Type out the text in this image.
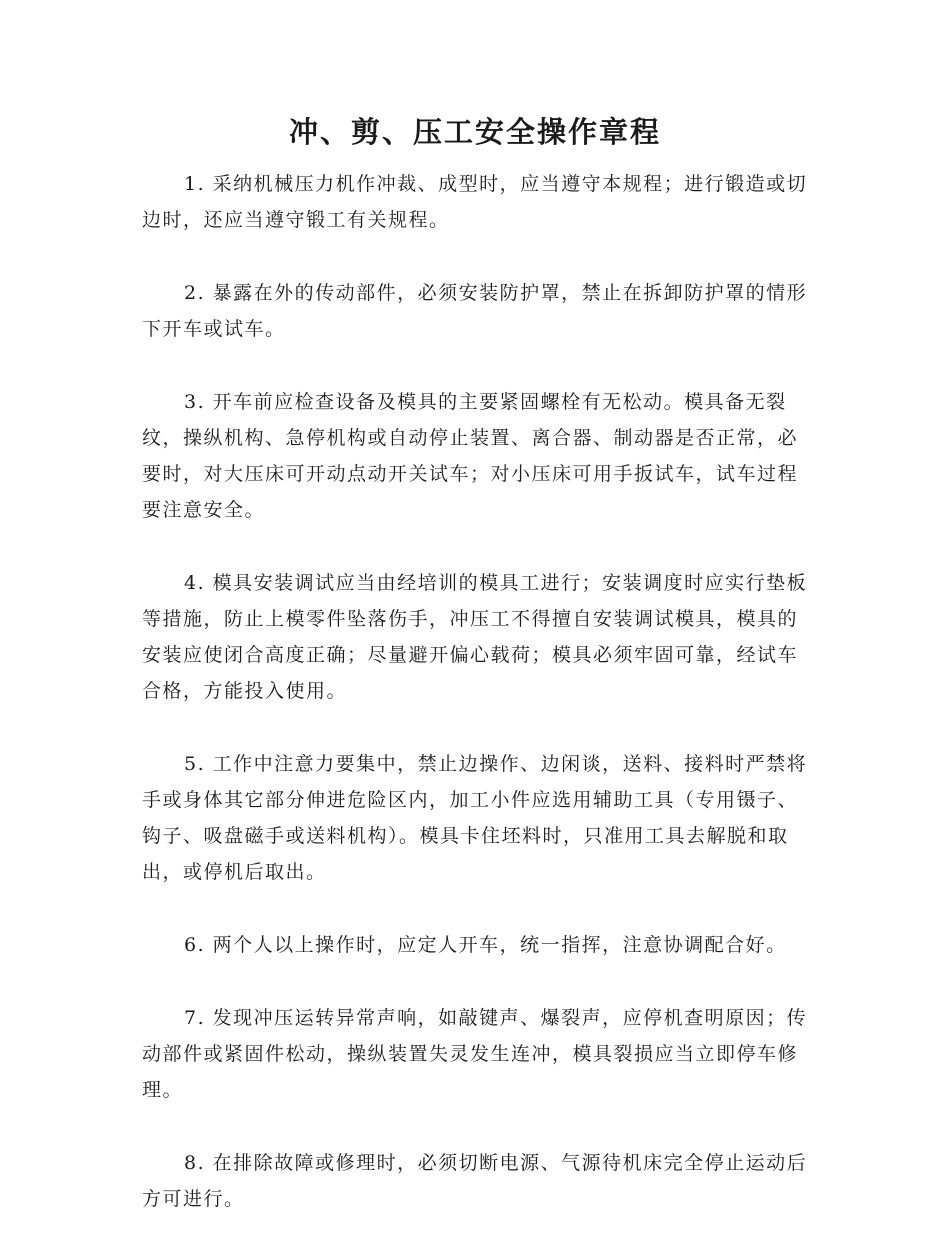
冲、剪、压工安全操作章程

1. 采纳机械压力机作冲裁、成型时，应当遵守本规程；进行锻造或切边时，还应当遵守锻工有关规程。

2. 暴露在外的传动部件，必须安装防护罩，禁止在拆卸防护罩的情形下开车或试车。

3. 开车前应检查设备及模具的主要紧固螺栓有无松动。模具备无裂纹，操纵机构、急停机构或自动停止装置、离合器、制动器是否正常，必要时，对大压床可开动点动开关试车；对小压床可用手扳试车，试车过程要注意安全。

4. 模具安装调试应当由经培训的模具工进行；安装调度时应实行垫板等措施，防止上模零件坠落伤手，冲压工不得擅自安装调试模具，模具的安装应使闭合高度正确；尽量避开偏心载荷；模具必须牢固可靠，经试车合格，方能投入使用。

5. 工作中注意力要集中，禁止边操作、边闲谈，送料、接料时严禁将手或身体其它部分伸进危险区内，加工小件应选用辅助工具（专用镊子、钩子、吸盘磁手或送料机构）。模具卡住坯料时，只准用工具去解脱和取出，或停机后取出。

6. 两个人以上操作时，应定人开车，统一指挥，注意协调配合好。

7. 发现冲压运转异常声响，如敲键声、爆裂声，应停机查明原因；传动部件或紧固件松动，操纵装置失灵发生连冲，模具裂损应当立即停车修理。

8. 在排除故障或修理时，必须切断电源、气源待机床完全停止运动后方可进行。
